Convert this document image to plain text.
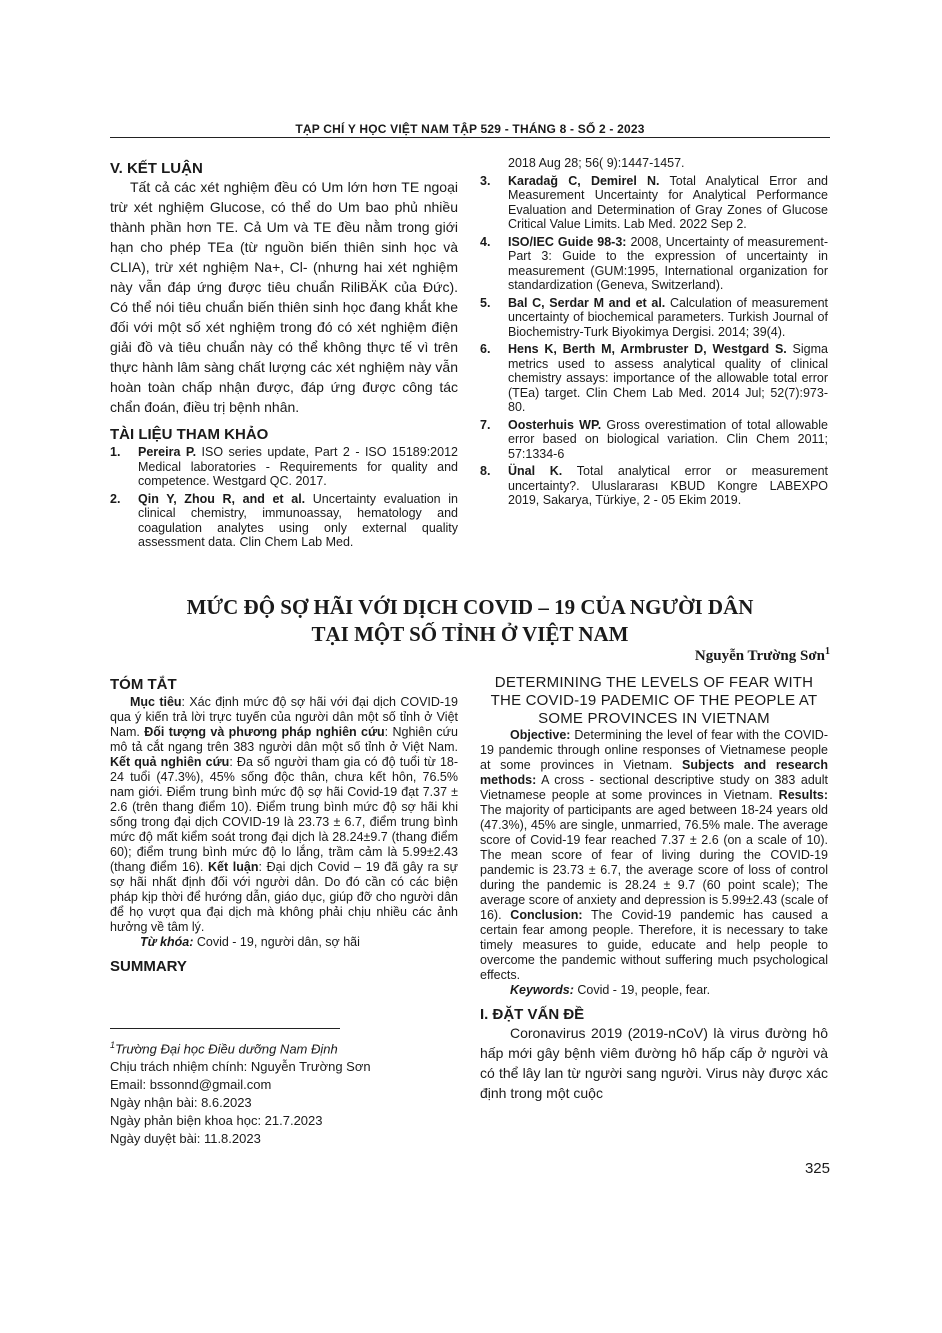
TẠP CHÍ Y HỌC VIỆT NAM TẬP 529 - THÁNG 8 - SỐ 2 - 2023
V. KẾT LUẬN
Tất cả các xét nghiệm đều có Um lớn hơn TE ngoại trừ xét nghiệm Glucose, có thể do Um bao phủ nhiều thành phần hơn TE. Cả Um và TE đều nằm trong giới hạn cho phép TEa (từ nguồn biến thiên sinh học và CLIA), trừ xét nghiệm Na+, Cl- (nhưng hai xét nghiệm này vẫn đáp ứng được tiêu chuẩn RiliBÄK của Đức). Có thể nói tiêu chuẩn biến thiên sinh học đang khắt khe đối với một số xét nghiệm trong đó có xét nghiệm điện giải đồ và tiêu chuẩn này có thể không thực tế vì trên thực hành lâm sàng chất lượng các xét nghiệm này vẫn hoàn toàn chấp nhận được, đáp ứng được công tác chẩn đoán, điều trị bệnh nhân.
TÀI LIỆU THAM KHẢO
1.	Pereira P. ISO series update, Part 2 - ISO 15189:2012 Medical laboratories - Requirements for quality and competence. Westgard QC. 2017.
2.	Qin Y, Zhou R, and et al. Uncertainty evaluation in clinical chemistry, immunoassay, hematology and coagulation analytes using only external quality assessment data. Clin Chem Lab Med.
2018 Aug 28; 56( 9):1447-1457.
3.	Karadağ C, Demirel N. Total Analytical Error and Measurement Uncertainty for Analytical Performance Evaluation and Determination of Gray Zones of Glucose Critical Value Limits. Lab Med. 2022 Sep 2.
4.	ISO/IEC Guide 98-3: 2008, Uncertainty of measurement-Part 3: Guide to the expression of uncertainty in measurement (GUM:1995, International organization for standardization (Geneva, Switzerland).
5.	Bal C, Serdar M and et al. Calculation of measurement uncertainty of biochemical parameters. Turkish Journal of Biochemistry-Turk Biyokimya Dergisi. 2014; 39(4).
6.	Hens K, Berth M, Armbruster D, Westgard S. Sigma metrics used to assess analytical quality of clinical chemistry assays: importance of the allowable total error (TEa) target. Clin Chem Lab Med. 2014 Jul; 52(7):973-80.
7.	Oosterhuis WP. Gross overestimation of total allowable error based on biological variation. Clin Chem 2011; 57:1334-6
8.	Ünal K. Total analytical error or measurement uncertainty?. Uluslararası KBUD Kongre LABEXPO 2019, Sakarya, Türkiye, 2 - 05 Ekim 2019.
MỨC ĐỘ SỢ HÃI VỚI DỊCH COVID – 19 CỦA NGƯỜI DÂN
TẠI MỘT SỐ TỈNH Ở VIỆT NAM
Nguyễn Trường Sơn$^1$
TÓM TẮT
Mục tiêu: Xác định mức độ sợ hãi với đại dịch COVID-19 qua ý kiến trả lời trực tuyến của người dân một số tỉnh ở Việt Nam. Đối tượng và phương pháp nghiên cứu: Nghiên cứu mô tả cắt ngang trên 383 người dân một số tỉnh ở Việt Nam. Kết quả nghiên cứu: Đa số người tham gia có độ tuổi từ 18-24 tuổi (47.3%), 45% sống độc thân, chưa kết hôn, 76.5% nam giới. Điểm trung bình mức độ sợ hãi Covid-19 đạt 7.37 ± 2.6 (trên thang điểm 10). Điểm trung bình mức độ sợ hãi khi sống trong đại dịch COVID-19 là 23.73 ± 6.7, điểm trung bình mức độ mất kiểm soát trong đại dịch là 28.24±9.7 (thang điểm 60); điểm trung bình mức độ lo lắng, trầm cảm là 5.99±2.43 (thang điểm 16). Kết luận: Đại dịch Covid – 19 đã gây ra sự sợ hãi nhất định đối với người dân. Do đó cần có các biện pháp kịp thời để hướng dẫn, giáo dục, giúp đỡ cho người dân để họ vượt qua đại dịch mà không phải chịu nhiều các ảnh hưởng về tâm lý.
Từ khóa: Covid - 19, người dân, sợ hãi
SUMMARY
DETERMINING THE LEVELS OF FEAR WITH THE COVID-19 PADEMIC OF THE PEOPLE AT SOME PROVINCES IN VIETNAM
Objective: Determining the level of fear with the COVID-19 pandemic through online responses of Vietnamese people at some provinces in Vietnam. Subjects and research methods: A cross - sectional descriptive study on 383 adult Vietnamese people at some provinces in Vietnam. Results: The majority of participants are aged between 18-24 years old (47.3%), 45% are single, unmarried, 76.5% male. The average score of Covid-19 fear reached 7.37 ± 2.6 (on a scale of 10). The mean score of fear of living during the COVID-19 pandemic is 23.73 ± 6.7, the average score of loss of control during the pandemic is 28.24 ± 9.7 (60 point scale); The average score of anxiety and depression is 5.99±2.43 (scale of 16). Conclusion: The Covid-19 pandemic has caused a certain fear among people. Therefore, it is necessary to take timely measures to guide, educate and help people to overcome the pandemic without suffering much psychological effects.
Keywords: Covid - 19, people, fear.
I. ĐẶT VẤN ĐỀ
Coronavirus 2019 (2019-nCoV) là virus đường hô hấp mới gây bệnh viêm đường hô hấp cấp ở người và có thể lây lan từ người sang người. Virus này được xác định trong một cuộc
$^1$Trường Đại học Điều dưỡng Nam Định
Chịu trách nhiệm chính: Nguyễn Trường Sơn
Email: bssonnd@gmail.com
Ngày nhận bài: 8.6.2023
Ngày phản biện khoa học: 21.7.2023
Ngày duyệt bài: 11.8.2023
325
